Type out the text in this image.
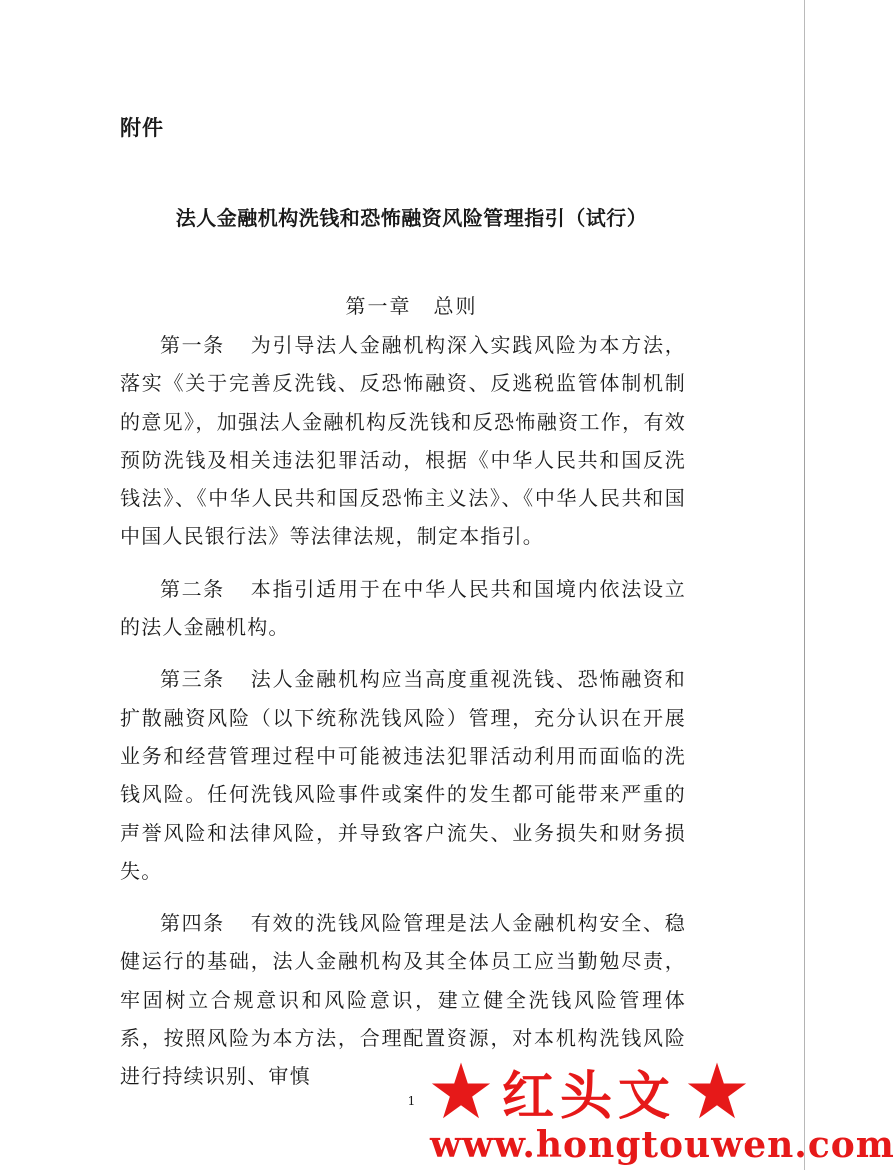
附件
法人金融机构洗钱和恐怖融资风险管理指引（试行）
第一章　总则

第一条 为引导法人金融机构深入实践风险为本方法，落实《关于完善反洗钱、反恐怖融资、反逃税监管体制机制的意见》，加强法人金融机构反洗钱和反恐怖融资工作，有效预防洗钱及相关违法犯罪活动，根据《中华人民共和国反洗钱法》、《中华人民共和国反恐怖主义法》、《中华人民共和国中国人民银行法》等法律法规，制定本指引。

第二条 本指引适用于在中华人民共和国境内依法设立的法人金融机构。

第三条 法人金融机构应当高度重视洗钱、恐怖融资和扩散融资风险（以下统称洗钱风险）管理，充分认识在开展业务和经营管理过程中可能被违法犯罪活动利用而面临的洗钱风险。任何洗钱风险事件或案件的发生都可能带来严重的声誉风险和法律风险，并导致客户流失、业务损失和财务损失。

第四条 有效的洗钱风险管理是法人金融机构安全、稳健运行的基础，法人金融机构及其全体员工应当勤勉尽责，牢固树立合规意识和风险意识，建立健全洗钱风险管理体系，按照风险为本方法，合理配置资源，对本机构洗钱风险进行持续识别、审慎

1	红头文
www.hongtouwen.com
